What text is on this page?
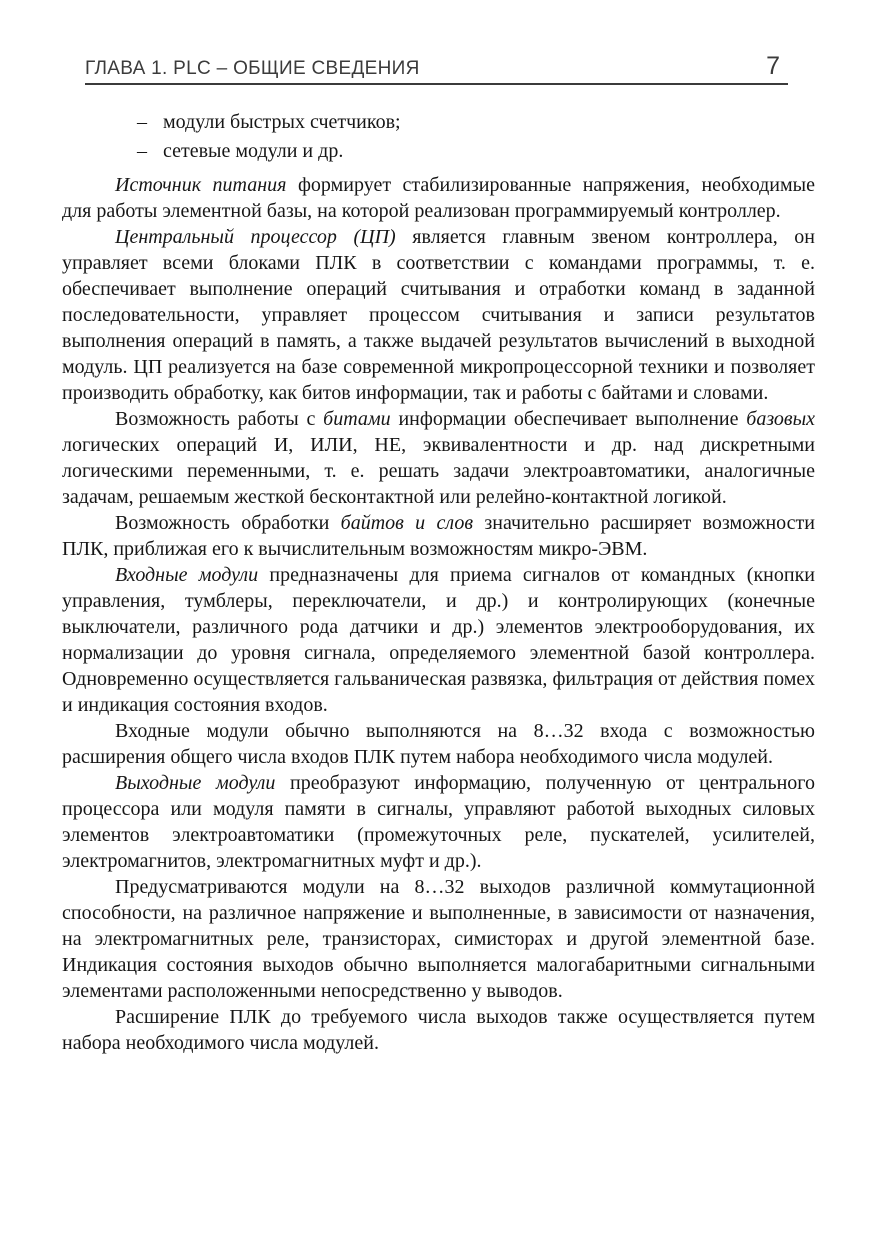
ГЛАВА 1. PLC – ОБЩИЕ СВЕДЕНИЯ	7
– модули быстрых счетчиков;
– сетевые модули и др.

Источник питания формирует стабилизированные напряжения, необходимые для работы элементной базы, на которой реализован программируемый контроллер.

Центральный процессор (ЦП) является главным звеном контроллера, он управляет всеми блоками ПЛК в соответствии с командами программы, т. е. обеспечивает выполнение операций считывания и отработки команд в заданной последовательности, управляет процессом считывания и записи результатов выполнения операций в память, а также выдачей результатов вычислений в выходной модуль. ЦП реализуется на базе современной микропроцессорной техники и позволяет производить обработку, как битов информации, так и работы с байтами и словами.

Возможность работы с битами информации обеспечивает выполнение базовых логических операций И, ИЛИ, НЕ, эквивалентности и др. над дискретными логическими переменными, т. е. решать задачи электроавтоматики, аналогичные задачам, решаемым жесткой бесконтактной или релейно-контактной логикой.

Возможность обработки байтов и слов значительно расширяет возможности ПЛК, приближая его к вычислительным возможностям микро-ЭВМ.

Входные модули предназначены для приема сигналов от командных (кнопки управления, тумблеры, переключатели, и др.) и контролирующих (конечные выключатели, различного рода датчики и др.) элементов электрооборудования, их нормализации до уровня сигнала, определяемого элементной базой контроллера. Одновременно осуществляется гальваническая развязка, фильтрация от действия помех и индикация состояния входов.

Входные модули обычно выполняются на 8…32 входа с возможностью расширения общего числа входов ПЛК путем набора необходимого числа модулей.

Выходные модули преобразуют информацию, полученную от центрального процессора или модуля памяти в сигналы, управляют работой выходных силовых элементов электроавтоматики (промежуточных реле, пускателей, усилителей, электромагнитов, электромагнитных муфт и др.).

Предусматриваются модули на 8…32 выходов различной коммутационной способности, на различное напряжение и выполненные, в зависимости от назначения, на электромагнитных реле, транзисторах, симисторах и другой элементной базе. Индикация состояния выходов обычно выполняется малогабаритными сигнальными элементами расположенными непосредственно у выводов.

Расширение ПЛК до требуемого числа выходов также осуществляется путем набора необходимого числа модулей.
